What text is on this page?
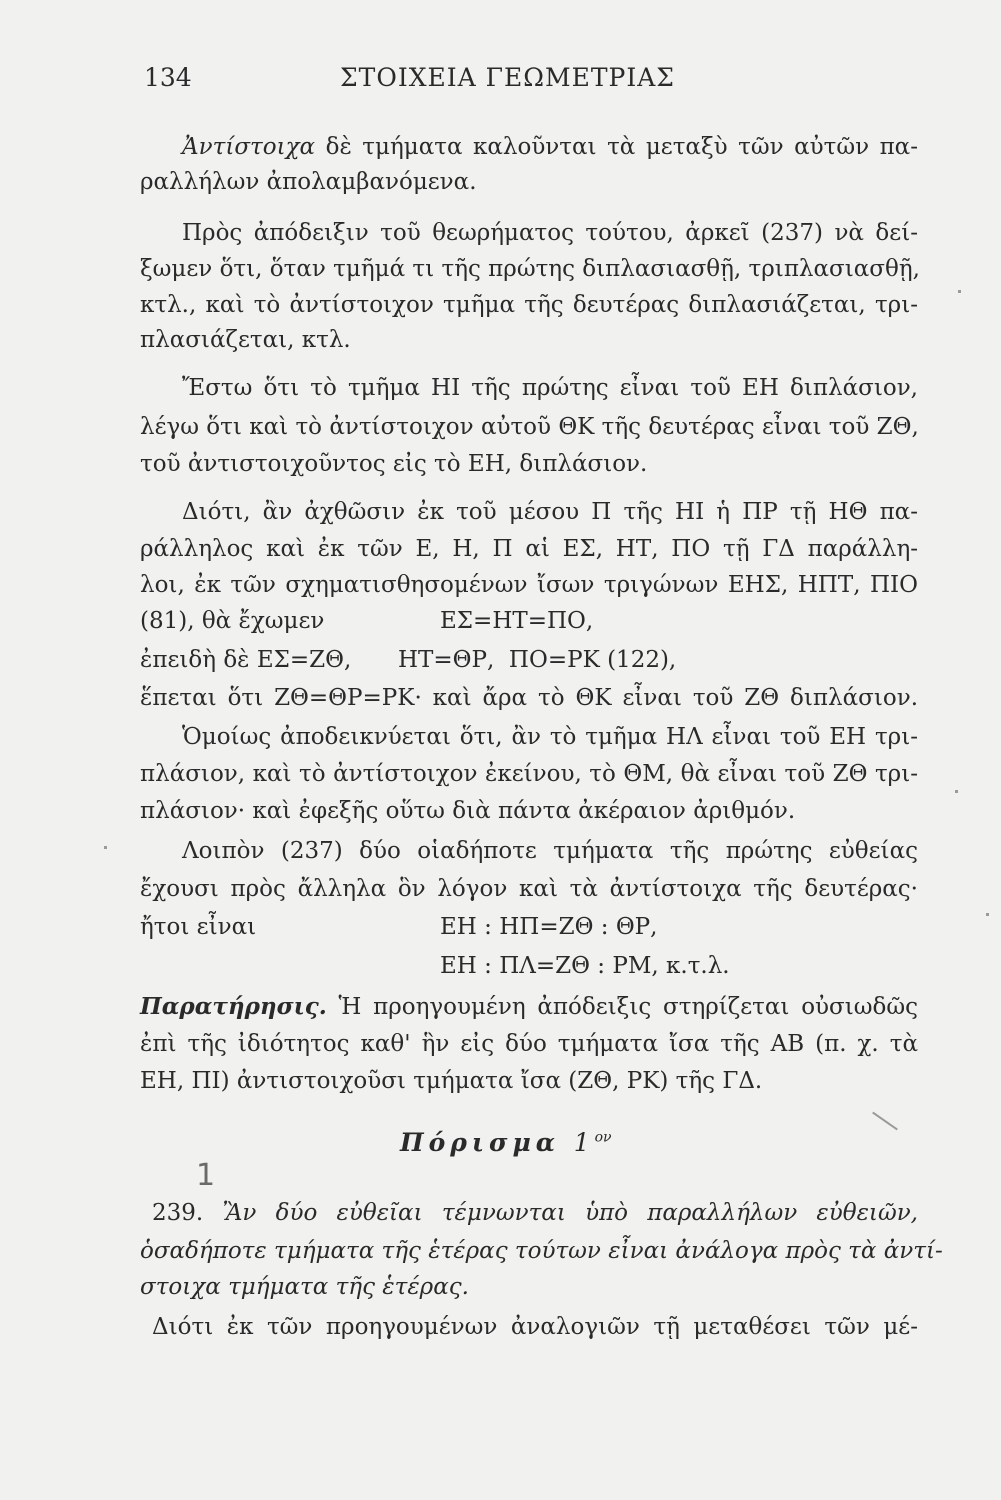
134	ΣΤΟΙΧΕΙΑ ΓΕΩΜΕΤΡΙΑΣ
Ἀντίστοιχα δὲ τμήματα καλοῦνται τὰ μεταξὺ τῶν αὐτῶν πα-
ραλλήλων ἀπολαμβανόμενα.
Πρὸς ἀπόδειξιν τοῦ θεωρήματος τούτου, ἀρκεῖ (237) νὰ δεί-
ξωμεν ὅτι, ὅταν τμῆμά τι τῆς πρώτης διπλασιασθῇ, τριπλασιασθῇ,
κτλ., καὶ τὸ ἀντίστοιχον τμῆμα τῆς δευτέρας διπλασιάζεται, τρι-
πλασιάζεται, κτλ.
Ἔστω ὅτι τὸ τμῆμα ΗΙ τῆς πρώτης εἶναι τοῦ ΕΗ διπλάσιον,
λέγω ὅτι καὶ τὸ ἀντίστοιχον αὐτοῦ ΘΚ τῆς δευτέρας εἶναι τοῦ ΖΘ,
τοῦ ἀντιστοιχοῦντος εἰς τὸ ΕΗ, διπλάσιον.
Διότι, ἂν ἀχθῶσιν ἐκ τοῦ μέσου Π τῆς ΗΙ ἡ ΠΡ τῇ ΗΘ πα-
ράλληλος καὶ ἐκ τῶν Ε, Η, Π αἱ ΕΣ, ΗΤ, ΠΟ τῇ ΓΔ παράλλη-
λοι, ἐκ τῶν σχηματισθησομένων ἴσων τριγώνων ΕΗΣ, ΗΠΤ, ΠΙΟ
(81), θὰ ἔχωμεν	ΕΣ=ΗΤ=ΠΟ,
ἐπειδὴ δὲ ΕΣ=ΖΘ, ΗΤ=ΘΡ,  ΠΟ=ΡΚ (122),
ἕπεται ὅτι ΖΘ=ΘΡ=ΡΚ· καὶ ἄρα τὸ ΘΚ εἶναι τοῦ ΖΘ διπλάσιον.
Ὁμοίως ἀποδεικνύεται ὅτι, ἂν τὸ τμῆμα ΗΛ εἶναι τοῦ ΕΗ τρι-
πλάσιον, καὶ τὸ ἀντίστοιχον ἐκείνου, τὸ ΘΜ, θὰ εἶναι τοῦ ΖΘ τρι-
πλάσιον· καὶ ἐφεξῆς οὕτω διὰ πάντα ἀκέραιον ἀριθμόν.
Λοιπὸν (237) δύο οἱαδήποτε τμήματα τῆς πρώτης εὐθείας
ἔχουσι πρὸς ἄλληλα ὃν λόγον καὶ τὰ ἀντίστοιχα τῆς δευτέρας·
ἤτοι εἶναι	ΕΗ : ΗΠ=ΖΘ : ΘΡ,
ΕΗ : ΠΛ=ΖΘ : ΡΜ, κ.τ.λ.
Παρατήρησις. Ἡ προηγουμένη ἀπόδειξις στηρίζεται οὐσιωδῶς
ἐπὶ τῆς ἰδιότητος καθ' ἣν εἰς δύο τμήματα ἴσα τῆς ΑΒ (π. χ. τὰ
ΕΗ, ΠΙ) ἀντιστοιχοῦσι τμήματα ἴσα (ΖΘ, ΡΚ) τῆς ΓΔ.
Πόρισμα $1^{o\nu}$
1
239. Ἂν δύο εὐθεῖαι τέμνωνται ὑπὸ παραλλήλων εὐθειῶν,
ὁσαδήποτε τμήματα τῆς ἑτέρας τούτων εἶναι ἀνάλογα πρὸς τὰ ἀντί-
στοιχα τμήματα τῆς ἑτέρας.
Διότι ἐκ τῶν προηγουμένων ἀναλογιῶν τῇ μεταθέσει τῶν μέ-
